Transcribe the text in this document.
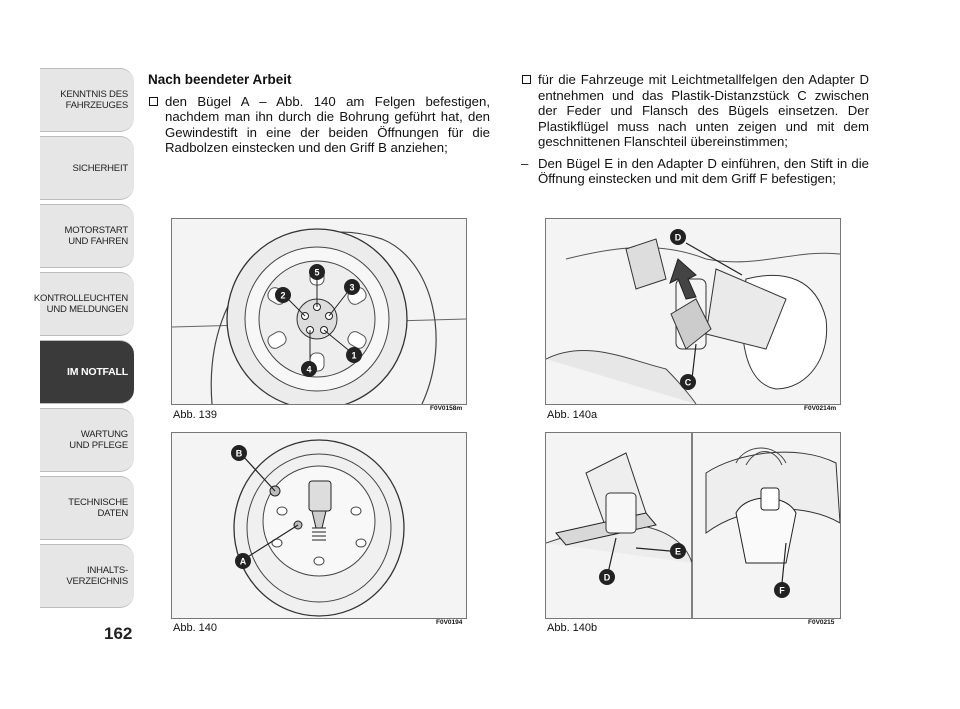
KENNTNIS DES
FAHRZEUGES
SICHERHEIT
MOTORSTART
UND FAHREN
KONTROLLEUCHTEN
UND MELDUNGEN
IM NOTFALL
WARTUNG
UND PFLEGE
TECHNISCHE DATEN
INHALTS-
VERZEICHNIS
162
Nach beendeter Arbeit
den Bügel A – Abb. 140 am Felgen befestigen, nachdem man ihn durch die Bohrung geführt hat, den Gewindestift in eine der beiden Öffnungen für die Radbolzen einstecken und den Griff B anziehen;
für die Fahrzeuge mit Leichtmetallfelgen den Adapter D entnehmen und das Plastik-Distanzstück C zwischen der Feder und Flansch des Bügels einsetzen. Der Plastikflügel muss nach unten zeigen und mit dem geschnittenen Flanschteil übereinstimmen;
– Den Bügel E in den Adapter D einführen, den Stift in die Öffnung einstecken und mit dem Griff F befestigen;
5
3
1
4
2
Abb. 139
F0V0158m
B
A
Abb. 140	F0V0194
D
C
Abb. 140a
F0V0214m
E
D
F
Abb. 140b	F0V0215
